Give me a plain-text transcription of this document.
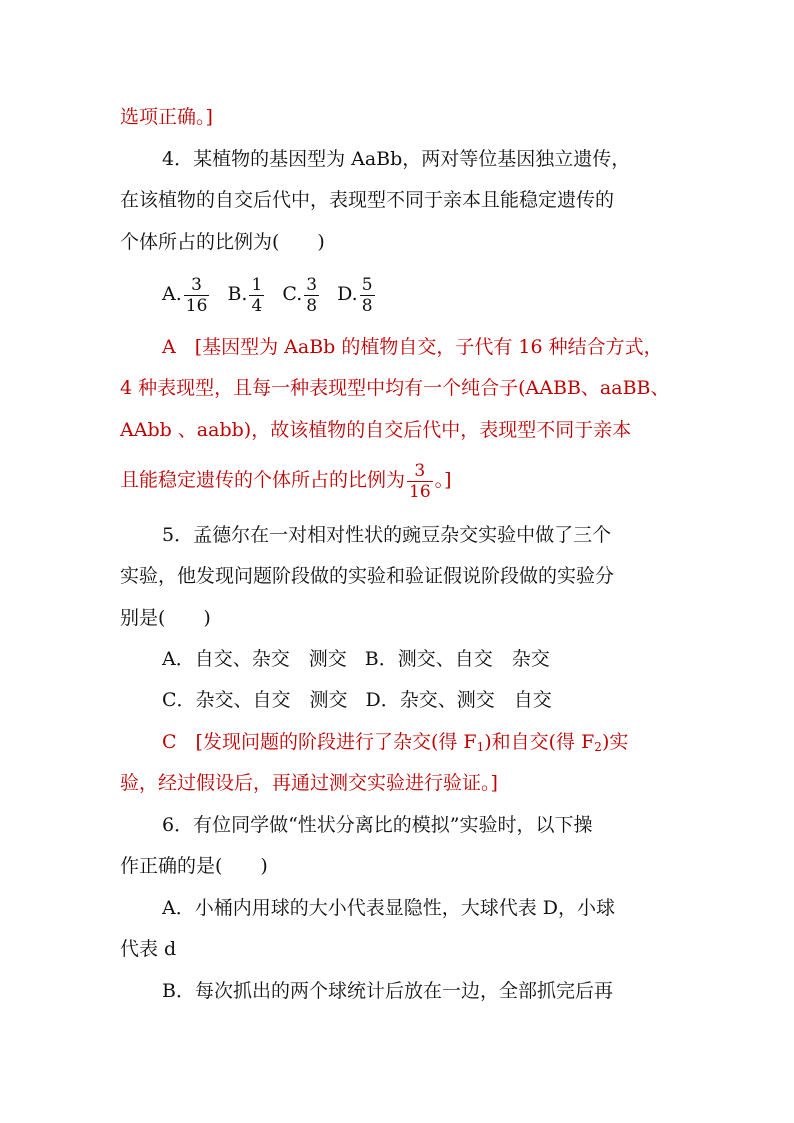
选项正确。]
4．某植物的基因型为 AaBb，两对等位基因独立遗传，
在该植物的自交后代中，表现型不同于亲本且能稳定遗传的
个体所占的比例为(　　)
A. $\frac{3}{16} B$. $\frac{1}{4} C$. $\frac{3}{8} D$. $\frac{5}{8}$
A　[基因型为 AaBb 的植物自交，子代有 16 种结合方式，
4 种表现型，且每一种表现型中均有一个纯合子(AABB、aaBB、
AAbb 、aabb)，故该植物的自交后代中，表现型不同于亲本
且能稳定遗传的个体所占的比例为 $\frac{3}{16}$ 。]
5．孟德尔在一对相对性状的豌豆杂交实验中做了三个
实验，他发现问题阶段做的实验和验证假说阶段做的实验分
别是(　　)
A．自交、杂交　测交 B．测交、自交　杂交
C．杂交、自交　测交 D．杂交、测交　自交
C　[发现问题的阶段进行了杂交(得 $F_1$)和自交(得 $F_2$)实
验，经过假设后，再通过测交实验进行验证。]
6．有位同学做“性状分离比的模拟”实验时，以下操
作正确的是(　　)
A．小桶内用球的大小代表显隐性，大球代表 D，小球
代表 d
B．每次抓出的两个球统计后放在一边，全部抓完后再
